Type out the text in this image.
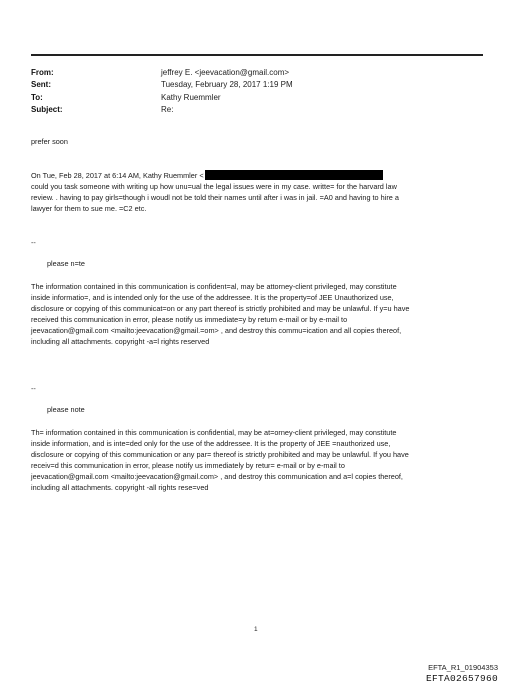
From:	jeffrey E. <jeevacation@gmail.com>
Sent:	Tuesday, February 28, 2017 1:19 PM
To:	Kathy Ruemmler
Subject:	Re:

prefer soon

On Tue, Feb 28, 2017 at 6:14 AM, Kathy Ruemmler <

could you task someone with writing up how unu=ual the legal issues were in my case. writte= for the harvard law

review. . having to pay girls=though i woudl not be told their names until after i was in jail. =A0 and having to hire a

lawyer for them to sue me. =C2 etc.

--
please n=te

The information contained in this communication is confident=al, may be attorney-client privileged, may constitute

inside informatio=, and is intended only for the use of the addressee. It is the property=of JEE Unauthorized use,

disclosure or copying of this communicat=on or any part thereof is strictly prohibited and may be unlawful. If y=u have

received this communication in error, please notify us immediate=y by return e-mail or by e-mail to

jeevacation@gmail.com <mailto:jeevacation@gmail.=om> , and destroy this commu=ication and all copies thereof,

including all attachments. copyright -a=l rights reserved

--
please note

Th= information contained in this communication is confidential, may be at=orney-client privileged, may constitute

inside information, and is inte=ded only for the use of the addressee. It is the property of JEE =nauthorized use,

disclosure or copying of this communication or any par= thereof is strictly prohibited and may be unlawful. If you have

receiv=d this communication in error, please notify us immediately by retur= e-mail or by e-mail to

jeevacation@gmail.com <mailto:jeevacation@gmail.com> , and destroy this communication and a=l copies thereof,

including all attachments. copyright -all rights rese=ved

1
EFTA_R1_01904353
EFTA02657960
